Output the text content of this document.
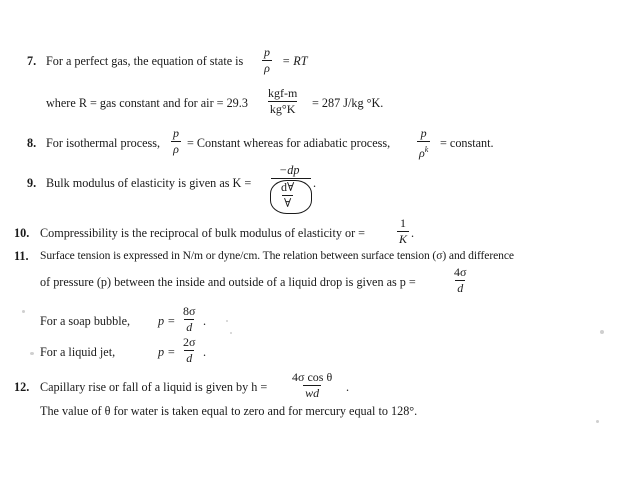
7. For a perfect gas, the equation of state is $\frac{p}{\rho}$ = RT
where R = gas constant and for air = 29.3
kgf-m
kg°K = 287 J/kg °K.
8. For isothermal process, $\frac{p}{\rho}$ = Constant whereas for adiabatic process, $\frac{p}{\rho^k}$ = constant.
9. Bulk modulus of elasticity is given as K =
−dp
d∀
∀
.
10. Compressibility is the reciprocal of bulk modulus of elasticity or =	$\frac{1}{K}$ .
11. Surface tension is expressed in N/m or dyne/cm. The relation between surface tension (σ) and difference
of pressure (p) between the inside and outside of a liquid drop is given as p =	$\frac{4\sigma}{d}$
For a soap bubble, $p = \frac{8\sigma}{d}$ .
For a liquid jet,	$p = \frac{2\sigma}{d}$ .
12. Capillary rise or fall of a liquid is given by $h = \frac{\text{4σ cos θ}}{wd}$ .
The value of θ for water is taken equal to zero and for mercury equal to 128°.
